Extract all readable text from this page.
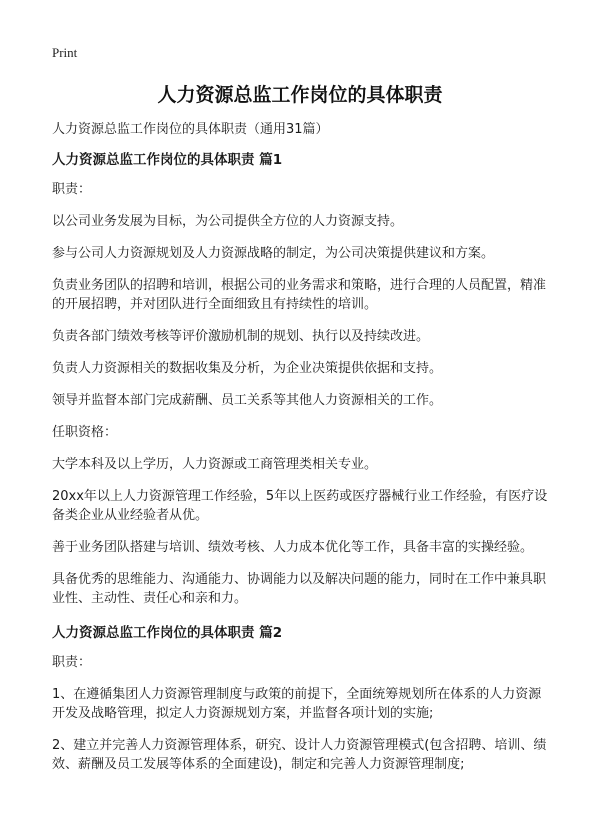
Print
人力资源总监工作岗位的具体职责
人力资源总监工作岗位的具体职责（通用31篇）
人力资源总监工作岗位的具体职责 篇1

职责：

以公司业务发展为目标，为公司提供全方位的人力资源支持。

参与公司人力资源规划及人力资源战略的制定，为公司决策提供建议和方案。

负责业务团队的招聘和培训，根据公司的业务需求和策略，进行合理的人员配置，精准的开展招聘，并对团队进行全面细致且有持续性的培训。

负责各部门绩效考核等评价激励机制的规划、执行以及持续改进。

负责人力资源相关的数据收集及分析，为企业决策提供依据和支持。

领导并监督本部门完成薪酬、员工关系等其他人力资源相关的工作。

任职资格：

大学本科及以上学历，人力资源或工商管理类相关专业。

20xx年以上人力资源管理工作经验，5年以上医药或医疗器械行业工作经验，有医疗设备类企业从业经验者从优。

善于业务团队搭建与培训、绩效考核、人力成本优化等工作，具备丰富的实操经验。

具备优秀的思维能力、沟通能力、协调能力以及解决问题的能力，同时在工作中兼具职业性、主动性、责任心和亲和力。

人力资源总监工作岗位的具体职责 篇2

职责：

1、在遵循集团人力资源管理制度与政策的前提下，全面统筹规划所在体系的人力资源开发及战略管理，拟定人力资源规划方案，并监督各项计划的实施;

2、建立并完善人力资源管理体系，研究、设计人力资源管理模式(包含招聘、培训、绩效、薪酬及员工发展等体系的全面建设)，制定和完善人力资源管理制度;
